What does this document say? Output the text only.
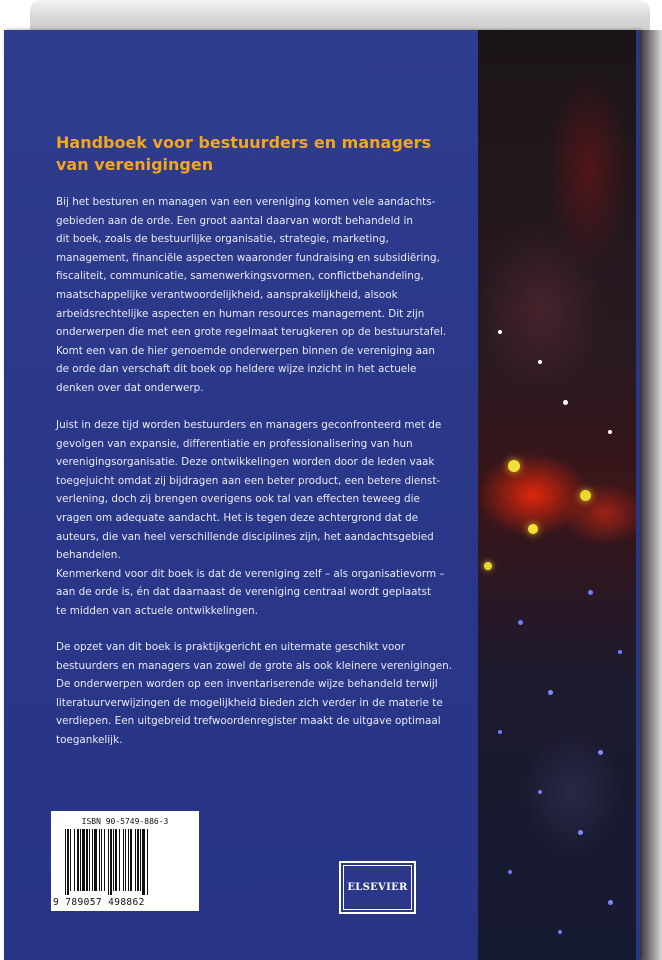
Handboek voor bestuurders en managers
van verenigingen
Bij het besturen en managen van een vereniging komen vele aandachts-
gebieden aan de orde. Een groot aantal daarvan wordt behandeld in
dit boek, zoals de bestuurlijke organisatie, strategie, marketing,
management, financiële aspecten waaronder fundraising en subsidiëring,
fiscaliteit, communicatie, samenwerkingsvormen, conflictbehandeling,
maatschappelijke verantwoordelijkheid, aansprakelijkheid, alsook
arbeidsrechtelijke aspecten en human resources management. Dit zijn
onderwerpen die met een grote regelmaat terugkeren op de bestuurstafel.
Komt een van de hier genoemde onderwerpen binnen de vereniging aan
de orde dan verschaft dit boek op heldere wijze inzicht in het actuele
denken over dat onderwerp.
Juist in deze tijd worden bestuurders en managers geconfronteerd met de
gevolgen van expansie, differentiatie en professionalisering van hun
verenigingsorganisatie. Deze ontwikkelingen worden door de leden vaak
toegejuicht omdat zij bijdragen aan een beter product, een betere dienst-
verlening, doch zij brengen overigens ook tal van effecten teweeg die
vragen om adequate aandacht. Het is tegen deze achtergrond dat de
auteurs, die van heel verschillende disciplines zijn, het aandachtsgebied
behandelen.
Kenmerkend voor dit boek is dat de vereniging zelf – als organisatievorm –
aan de orde is, én dat daarnaast de vereniging centraal wordt geplaatst
te midden van actuele ontwikkelingen.
De opzet van dit boek is praktijkgericht en uitermate geschikt voor
bestuurders en managers van zowel de grote als ook kleinere verenigingen.
De onderwerpen worden op een inventariserende wijze behandeld terwijl
literatuurverwijzingen de mogelijkheid bieden zich verder in de materie te
verdiepen. Een uitgebreid trefwoordenregister maakt de uitgave optimaal
toegankelijk.
ISBN 90-5749-886-3
9 789057 498862
ELSEVIER
